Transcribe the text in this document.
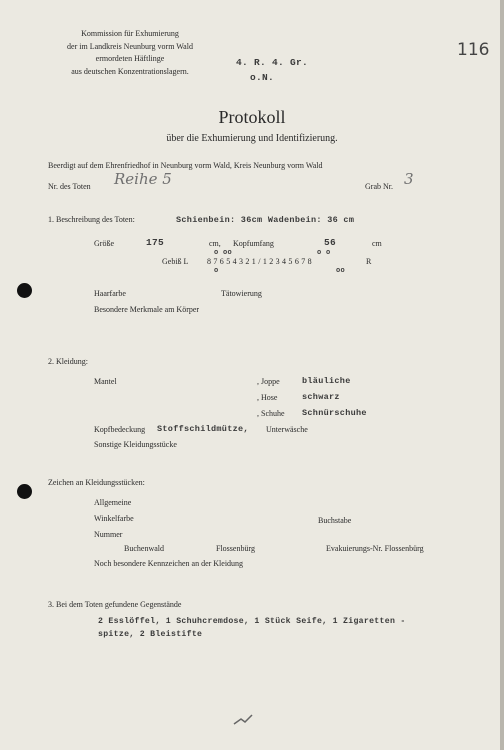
Kommission für Exhumierung
der im Landkreis Neunburg vorm Wald
ermordeten Häftlinge
aus deutschen Konzentrationslagern.
4. R. 4. Gr.
o.N.
116
Protokoll
über die Exhumierung und Identifizierung.
Beerdigt auf dem Ehrenfriedhof in Neunburg vorm Wald, Kreis Neunburg vorm Wald
Nr. des Toten Reihe 5	Grab Nr. 3
1. Beschreibung des Toten:	Schienbein: 36cm Wadenbein: 36 cm
Größe	175	cm, Kopfumfang	56	cm
o oo	o o
Gebiß L 8 7 6 5 4 3 2 1 / 1 2 3 4 5 6 7 8	R
o	oo
Haarfarbe	Tätowierung
Besondere Merkmale am Körper
2. Kleidung:
Mantel	, Joppe	bläuliche
, Hose	schwarz
, Schuhe Schnürschuhe
Kopfbedeckung Stoffschildmütze, Unterwäsche
Sonstige Kleidungsstücke
Zeichen an Kleidungsstücken:
Allgemeine
Winkelfarbe	Buchstabe
Nummer
Buchenwald	Flossenbürg	Evakuierungs-Nr. Flossenbürg
Noch besondere Kennzeichen an der Kleidung
3. Bei dem Toten gefundene Gegenstände
2 Esslöffel, 1 Schuhcremdose, 1 Stück Seife, 1 Zigaretten -
spitze, 2 Bleistifte
